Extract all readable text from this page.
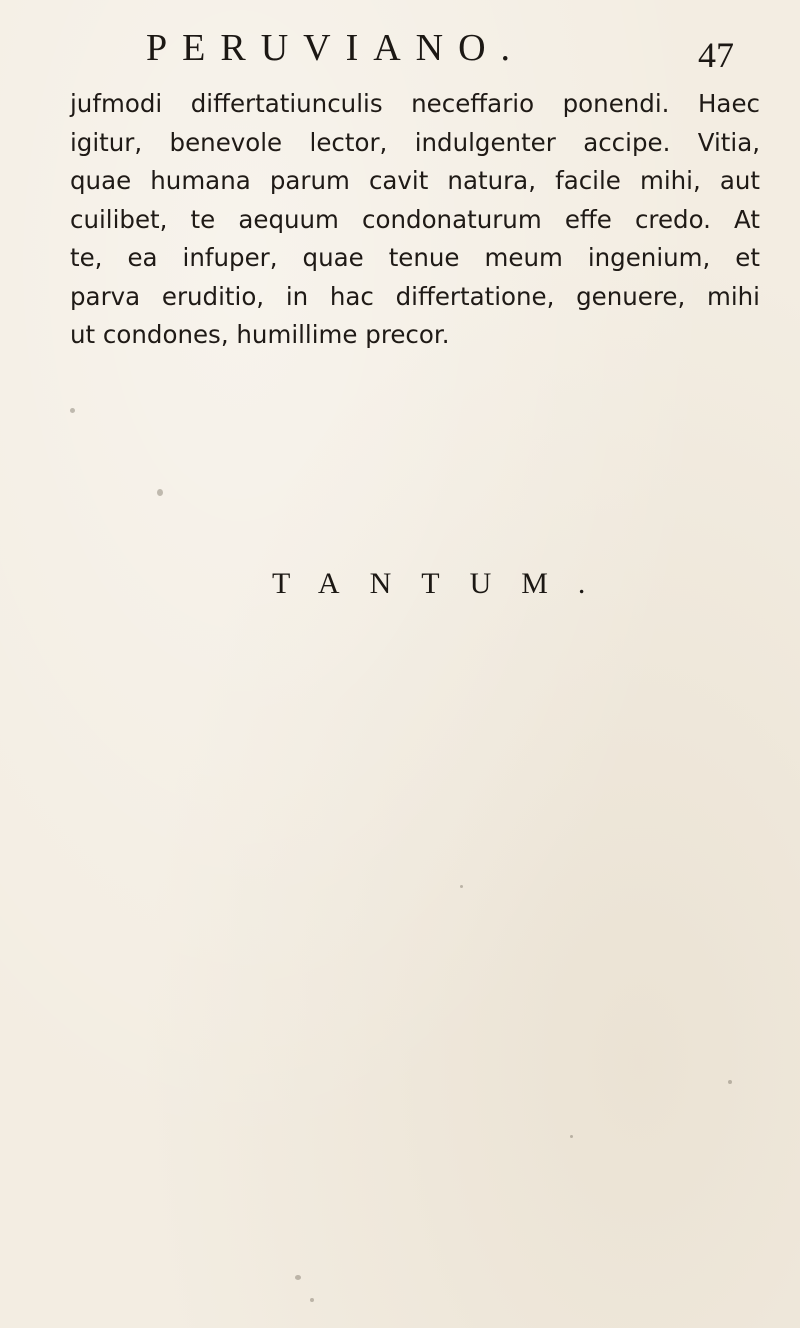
PERUVIANO.	47
jufmodi differtatiunculis neceffario ponendi. Haec
igitur, benevole lector, indulgenter accipe. Vitia,
quae humana parum cavit natura, facile mihi, aut
cuilibet, te aequum condonaturum effe credo. At
te, ea infuper, quae tenue meum ingenium, et
parva eruditio, in hac differtatione, genuere, mihi
ut condones, humillime precor.
TANTUM.
